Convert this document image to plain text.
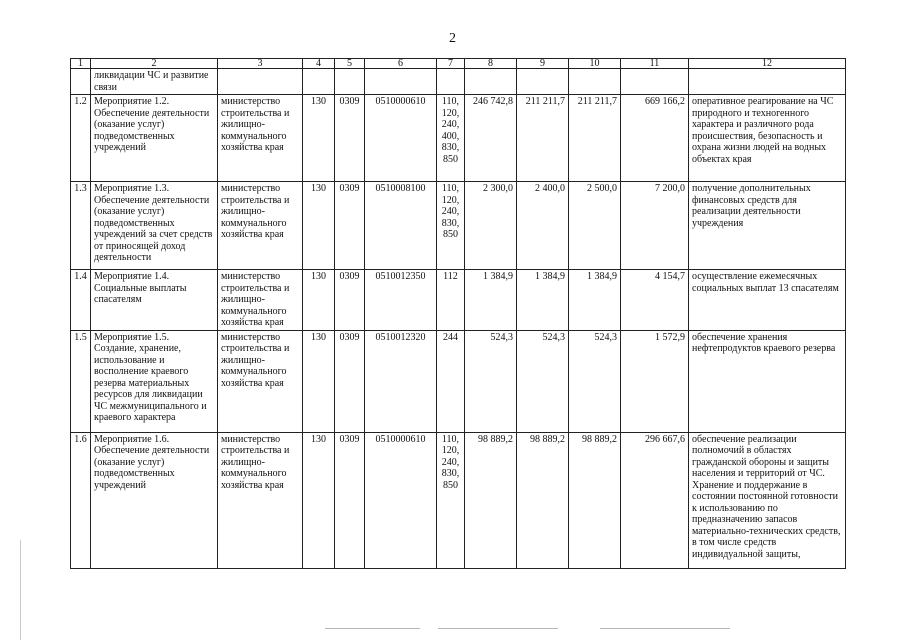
2
1	2	3	4	5	6	7	8	9	10	11	12
	ликвидации ЧС и развитие связи										
1.2	Мероприятие 1.2. Обеспечение деятельности (оказание услуг) подведомственных учреждений	министерство строительства и жилищно-коммунального хозяйства края	130	0309	0510000610	110, 120, 240, 400, 830, 850	246 742,8	211 211,7	211 211,7	669 166,2	оперативное реагирование на ЧС природного и техногенного характера и различного рода происшествия, безопасность и охрана жизни людей на водных объектах края
1.3	Мероприятие 1.3. Обеспечение деятельности (оказание услуг) подведомственных учреждений за счет средств от приносящей доход деятельности	министерство строительства и жилищно-коммунального хозяйства края	130	0309	0510008100	110, 120, 240, 830, 850	2 300,0	2 400,0	2 500,0	7 200,0	получение дополнительных финансовых средств для реализации деятельности учреждения
1.4	Мероприятие 1.4. Социальные выплаты спасателям	министерство строительства и жилищно-коммунального хозяйства края	130	0309	0510012350	112	1 384,9	1 384,9	1 384,9	4 154,7	осуществление ежемесячных социальных выплат 13 спасателям
1.5	Мероприятие 1.5. Создание, хранение, использование и восполнение краевого резерва материальных ресурсов для ликвидации ЧС межмуниципального и краевого характера	министерство строительства и жилищно-коммунального хозяйства края	130	0309	0510012320	244	524,3	524,3	524,3	1 572,9	обеспечение хранения нефтепродуктов краевого резерва
1.6	Мероприятие 1.6. Обеспечение деятельности (оказание услуг) подведомственных учреждений	министерство строительства и жилищно-коммунального хозяйства края	130	0309	0510000610	110, 120, 240, 830, 850	98 889,2	98 889,2	98 889,2	296 667,6	обеспечение реализации полномочий в областях гражданской обороны и защиты населения и территорий от ЧС. Хранение и поддержание в состоянии постоянной готовности к использованию по предназначению запасов материально-технических средств, в том числе средств индивидуальной защиты,
